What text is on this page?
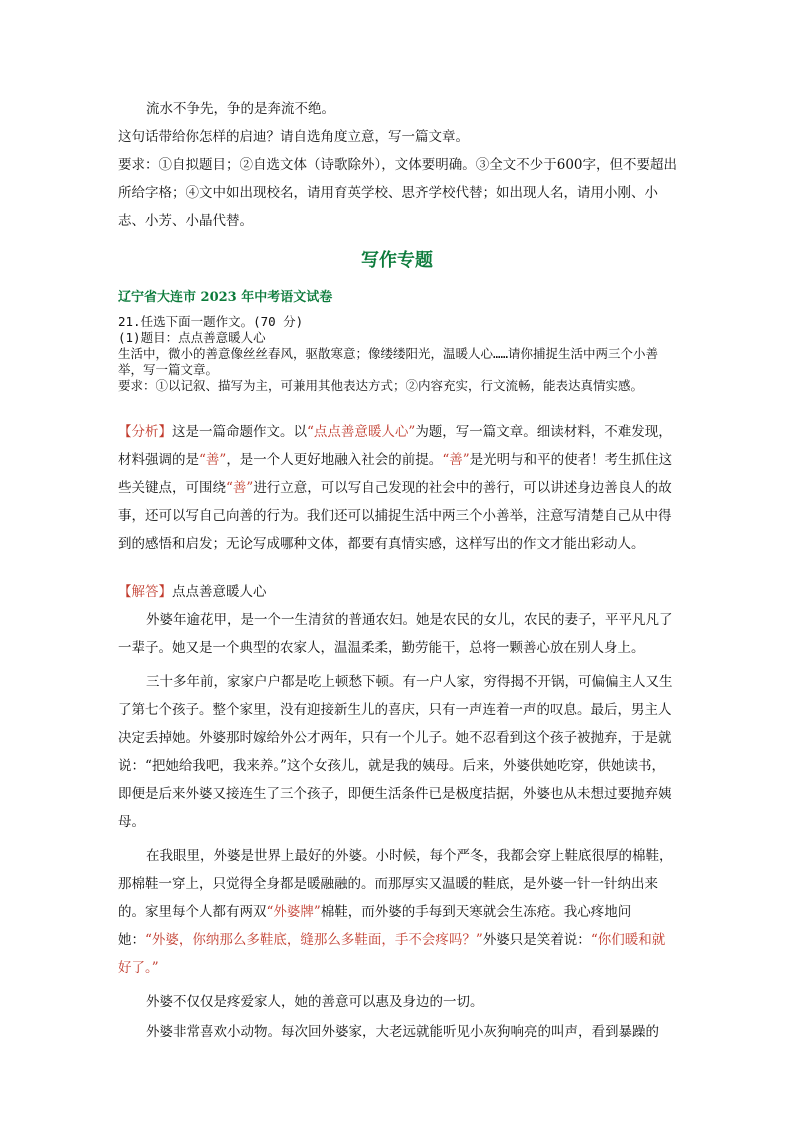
流水不争先，争的是奔流不绝。

这句话带给你怎样的启迪？请自选角度立意，写一篇文章。

要求：①自拟题目；②自选文体（诗歌除外），文体要明确。③全文不少于600字，但不要超出所给字格；④文中如出现校名，请用育英学校、思齐学校代替；如出现人名，请用小刚、小志、小芳、小晶代替。

写作专题
辽宁省大连市 2023 年中考语文试卷

21.任选下面一题作文。(70 分)

(1)题目：点点善意暖人心

生活中，微小的善意像丝丝春风，驱散寒意；像缕缕阳光，温暖人心……请你捕捉生活中两三个小善举，写一篇文章。

要求：①以记叙、描写为主，可兼用其他表达方式；②内容充实，行文流畅，能表达真情实感。

【分析】这是一篇命题作文。以“点点善意暖人心”为题，写一篇文章。细读材料，不难发现，材料强调的是“善”，是一个人更好地融入社会的前提。“善”是光明与和平的使者！考生抓住这些关键点，可围绕“善”进行立意，可以写自己发现的社会中的善行，可以讲述身边善良人的故事，还可以写自己向善的行为。我们还可以捕捉生活中两三个小善举，注意写清楚自己从中得到的感悟和启发；无论写成哪种文体，都要有真情实感，这样写出的作文才能出彩动人。

【解答】点点善意暖人心

外婆年逾花甲，是一个一生清贫的普通农妇。她是农民的女儿，农民的妻子，平平凡凡了一辈子。她又是一个典型的农家人，温温柔柔，勤劳能干，总将一颗善心放在别人身上。

三十多年前，家家户户都是吃上顿愁下顿。有一户人家，穷得揭不开锅，可偏偏主人又生了第七个孩子。整个家里，没有迎接新生儿的喜庆，只有一声连着一声的叹息。最后，男主人决定丢掉她。外婆那时嫁给外公才两年，只有一个儿子。她不忍看到这个孩子被抛弃，于是就说：“把她给我吧，我来养。”这个女孩儿，就是我的姨母。后来，外婆供她吃穿，供她读书，即便是后来外婆又接连生了三个孩子，即便生活条件已是极度拮据，外婆也从未想过要抛弃姨母。

在我眼里，外婆是世界上最好的外婆。小时候，每个严冬，我都会穿上鞋底很厚的棉鞋，那棉鞋一穿上，只觉得全身都是暖融融的。而那厚实又温暖的鞋底，是外婆一针一针纳出来的。家里每个人都有两双“外婆牌”棉鞋，而外婆的手每到天寒就会生冻疮。我心疼地问她：“外婆，你纳那么多鞋底，缝那么多鞋面，手不会疼吗？”外婆只是笑着说：“你们暖和就好了。”

外婆不仅仅是疼爱家人，她的善意可以惠及身边的一切。

外婆非常喜欢小动物。每次回外婆家，大老远就能听见小灰狗响亮的叫声，看到暴躁的
